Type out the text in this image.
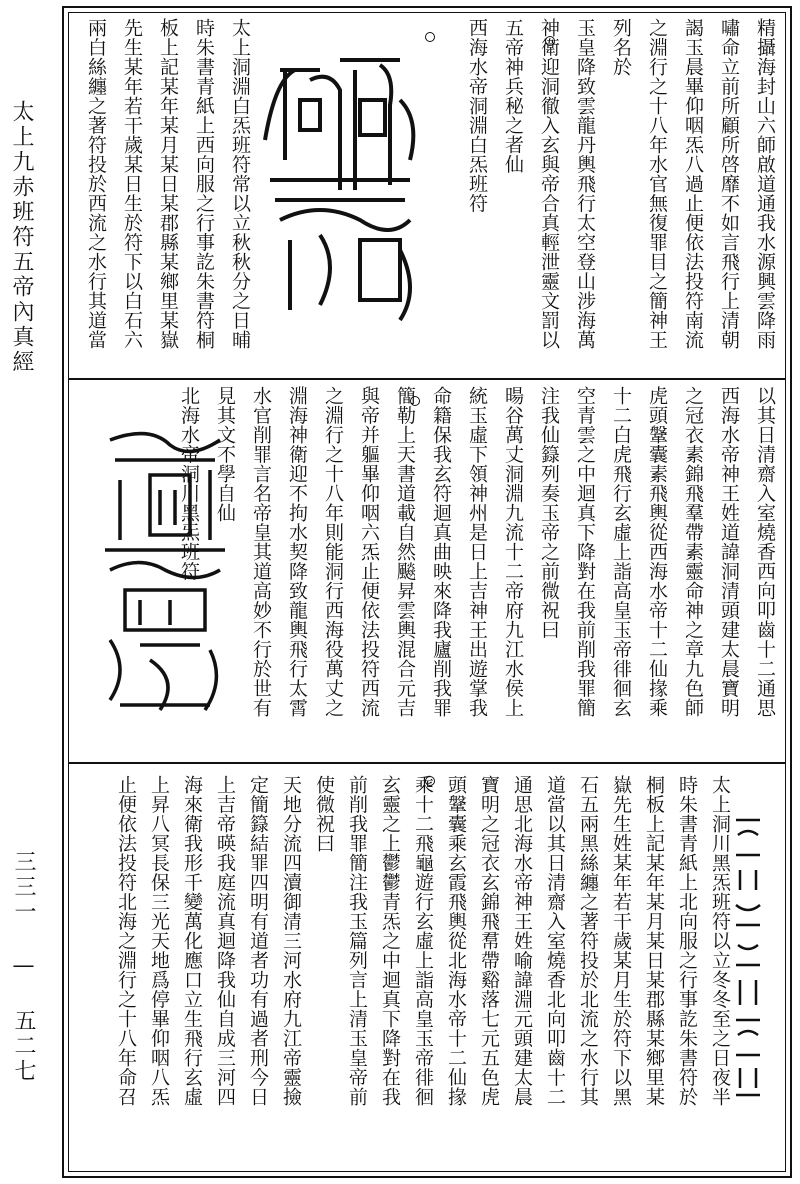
太上九赤班符五帝內真經
三三一 — 五二七
精攝海封山六師啟道通我水源興雲降雨
嘯命立前所顧所啓靡不如言飛行上清朝
謁玉晨畢仰咽炁八過止便依法投符南流
之淵行之十八年水官無復罪目之簡神王
列名於
玉皇降致雲龍丹輿飛行太空登山涉海萬
神衛迎洞徹入玄與帝合真輕泄靈文罰以
五帝神兵秘之者仙
西海水帝洞淵白炁班符
太上洞淵白炁班符常以立秋秋分之日晡
時朱書青紙上西向服之行事訖朱書符桐
板上記某年某月某日某郡縣某鄉里某嶽
先生某年若干歲某日生於符下以白石六
兩白絲纏之著符投於西流之水行其道當
以其日清齋入室燒香西向叩齒十二通思
西海水帝神王姓道諱洞清頭建太晨寶明
之冠衣素錦飛羣帶素靈命神之章九色師
虎頭鞶囊素飛輿從西海水帝十二仙掾乘
十二白虎飛行玄虛上詣高皇玉帝徘徊玄
空青雲之中迴真下降對在我前削我罪簡
注我仙籙列奏玉帝之前微祝曰
暘谷萬丈洞淵九流十二帝府九江水侯上
統玉虛下領神州是日上吉神王出遊掌我
命籍保我玄符迴真曲映來降我廬削我罪
簡勒上天書道載自然飈昇雲輿混合元吉
與帝并軀畢仰咽六炁止便依法投符西流
之淵行之十八年則能洞行西海役萬丈之
淵海神衛迎不拘水契降致龍輿飛行太霄
水官削罪言名帝皇其道高妙不行於世有
見其文不學自仙
北海水帝洞川黑炁班符
太上洞川黑炁班符以立冬冬至之日夜半
時朱書青紙上北向服之行事訖朱書符於
桐板上記某年某月某日某郡縣某鄉里某
嶽先生姓某年若干歲某月生於符下以黑
石五兩黑絲纏之著符投於北流之水行其
道當以其日清齋入室燒香北向叩齒十二
通思北海水帝神王姓喻諱淵元頭建太晨
寶明之冠衣玄錦飛帬帶谿落七元五色虎
頭鞶囊乘玄霞飛輿從北海水帝十二仙掾
乘十二飛龜遊行玄虛上詣高皇玉帝徘徊
玄靈之上鬱鬱青炁之中迴真下降對在我
前削我罪簡注我玉篇列言上清玉皇帝前
使微祝曰
天地分流四瀆御清三河水府九江帝靈撿
定簡籙結罪四明有道者功有過者刑今日
上吉帝暎我庭流真迴降我仙自成三河四
海來衛我形千變萬化應口立生飛行玄虛
上昇八冥長保三光天地爲停畢仰咽八炁
止便依法投符北海之淵行之十八年命召
